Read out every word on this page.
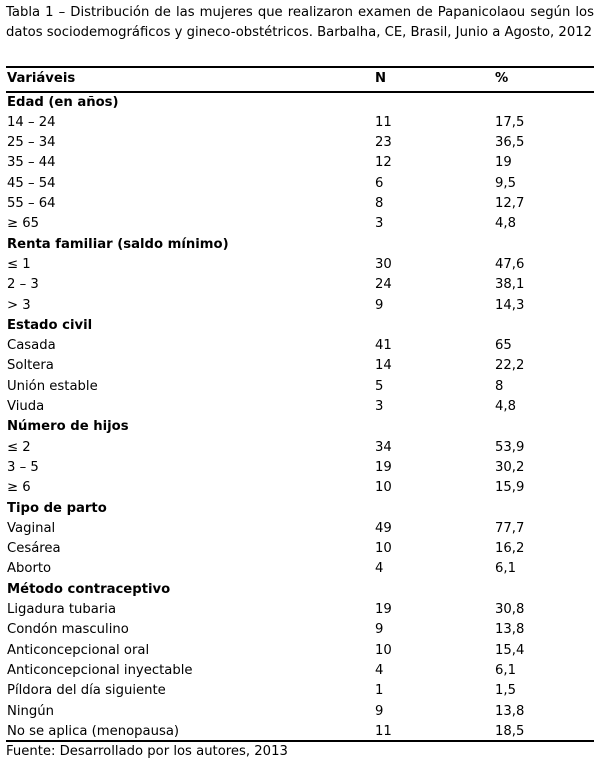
Tabla 1 – Distribución de las mujeres que realizaron examen de Papanicolaou según los datos sociodemográficos y gineco-obstétricos. Barbalha, CE, Brasil, Junio a Agosto, 2012
Variáveis	N	%
Edad (en años)
14 – 24	11	17,5
25 – 34	23	36,5
35 – 44	12	19
45 – 54	6	9,5
55 – 64	8	12,7
≥ 65	3	4,8
Renta familiar (saldo mínimo)
≤ 1	30	47,6
2 – 3	24	38,1
> 3	9	14,3
Estado civil
Casada	41	65
Soltera	14	22,2
Unión estable	5	8
Viuda	3	4,8
Número de hijos
≤ 2	34	53,9
3 – 5	19	30,2
≥ 6	10	15,9
Tipo de parto
Vaginal	49	77,7
Cesárea	10	16,2
Aborto	4	6,1
Método contraceptivo
Ligadura tubaria	19	30,8
Condón masculino	9	13,8
Anticoncepcional oral	10	15,4
Anticoncepcional inyectable	4	6,1
Píldora del día siguiente	1	1,5
Ningún	9	13,8
No se aplica (menopausa)	11	18,5
Fuente: Desarrollado por los autores, 2013
